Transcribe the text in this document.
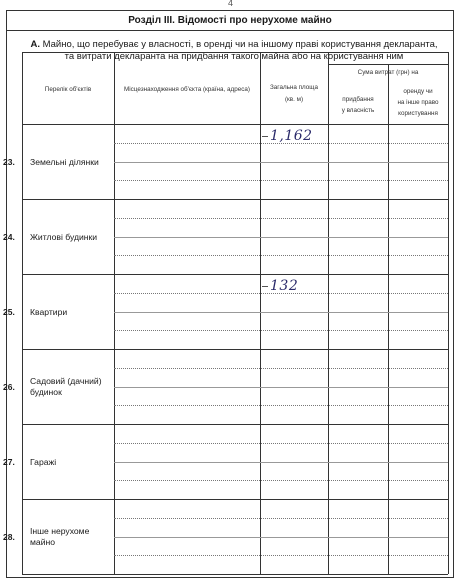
4
Розділ III. Відомості про нерухоме майно
А. Майно, що перебуває у власності, в оренді чи на іншому праві користування декларанта,
та витрати декларанта на придбання такого майна або на користування ним
Перелік об'єктів	Місцезнаходження об'єкта (країна, адреса)	Загальна площа
(кв. м)
Сума витрат (грн) на
придбання
у власність
оренду чи
на інше право
користування
23. Земельні ділянки
1,162
24. Житлові будинки
25. Квартири
132
26.
Садовий (дачний)
будинок
27. Гаражі
28.
Інше нерухоме
майно
